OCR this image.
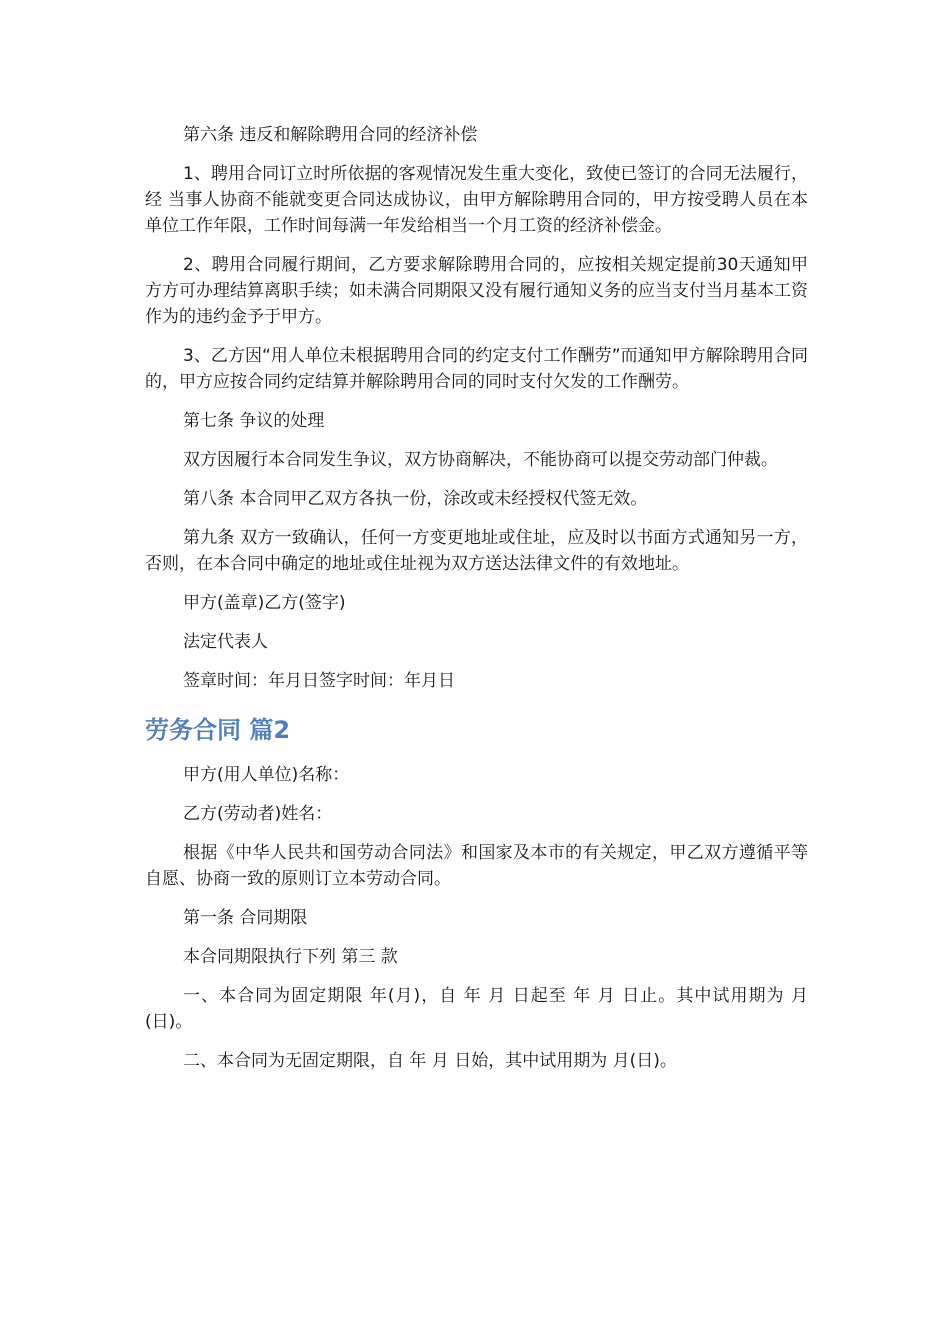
第六条 违反和解除聘用合同的经济补偿

1、聘用合同订立时所依据的客观情况发生重大变化，致使已签订的合同无法履行，经 当事人协商不能就变更合同达成协议，由甲方解除聘用合同的，甲方按受聘人员在本单位工作年限，工作时间每满一年发给相当一个月工资的经济补偿金。

2、聘用合同履行期间，乙方要求解除聘用合同的，应按相关规定提前30天通知甲方方可办理结算离职手续；如未满合同期限又没有履行通知义务的应当支付当月基本工资作为的违约金予于甲方。

3、乙方因“用人单位未根据聘用合同的约定支付工作酬劳”而通知甲方解除聘用合同的，甲方应按合同约定结算并解除聘用合同的同时支付欠发的工作酬劳。

第七条 争议的处理

双方因履行本合同发生争议，双方协商解决，不能协商可以提交劳动部门仲裁。

第八条 本合同甲乙双方各执一份，涂改或未经授权代签无效。

第九条 双方一致确认，任何一方变更地址或住址，应及时以书面方式通知另一方，否则，在本合同中确定的地址或住址视为双方送达法律文件的有效地址。

甲方(盖章)乙方(签字)

法定代表人

签章时间：年月日签字时间：年月日

劳务合同 篇2

甲方(用人单位)名称：

乙方(劳动者)姓名：

根据《中华人民共和国劳动合同法》和国家及本市的有关规定，甲乙双方遵循平等自愿、协商一致的原则订立本劳动合同。

第一条 合同期限

本合同期限执行下列 第三 款

一、本合同为固定期限 年(月)，自 年 月 日起至 年 月 日止。其中试用期为 月(日)。

二、本合同为无固定期限，自 年 月 日始，其中试用期为 月(日)。
